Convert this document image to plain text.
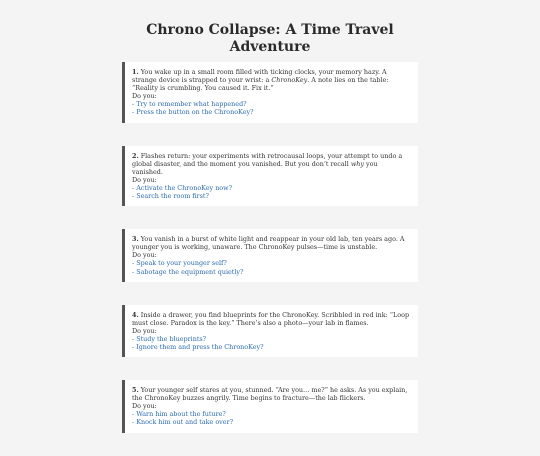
Chrono Collapse: A Time Travel Adventure
1. You wake up in a small room filled with ticking clocks, your memory hazy. A strange device is strapped to your wrist: a ChronoKey. A note lies on the table: “Reality is crumbling. You caused it. Fix it.”
Do you:
- Try to remember what happened?
- Press the button on the ChronoKey?
2. Flashes return: your experiments with retrocausal loops, your attempt to undo a global disaster, and the moment you vanished. But you don’t recall why you vanished.
Do you:
- Activate the ChronoKey now?
- Search the room first?
3. You vanish in a burst of white light and reappear in your old lab, ten years ago. A younger you is working, unaware. The ChronoKey pulses—time is unstable.
Do you:
- Speak to your younger self?
- Sabotage the equipment quietly?
4. Inside a drawer, you find blueprints for the ChronoKey. Scribbled in red ink: “Loop must close. Paradox is the key.” There’s also a photo—your lab in flames.
Do you:
- Study the blueprints?
- Ignore them and press the ChronoKey?
5. Your younger self stares at you, stunned. “Are you… me?” he asks. As you explain, the ChronoKey buzzes angrily. Time begins to fracture—the lab flickers.
Do you:
- Warn him about the future?
- Knock him out and take over?
